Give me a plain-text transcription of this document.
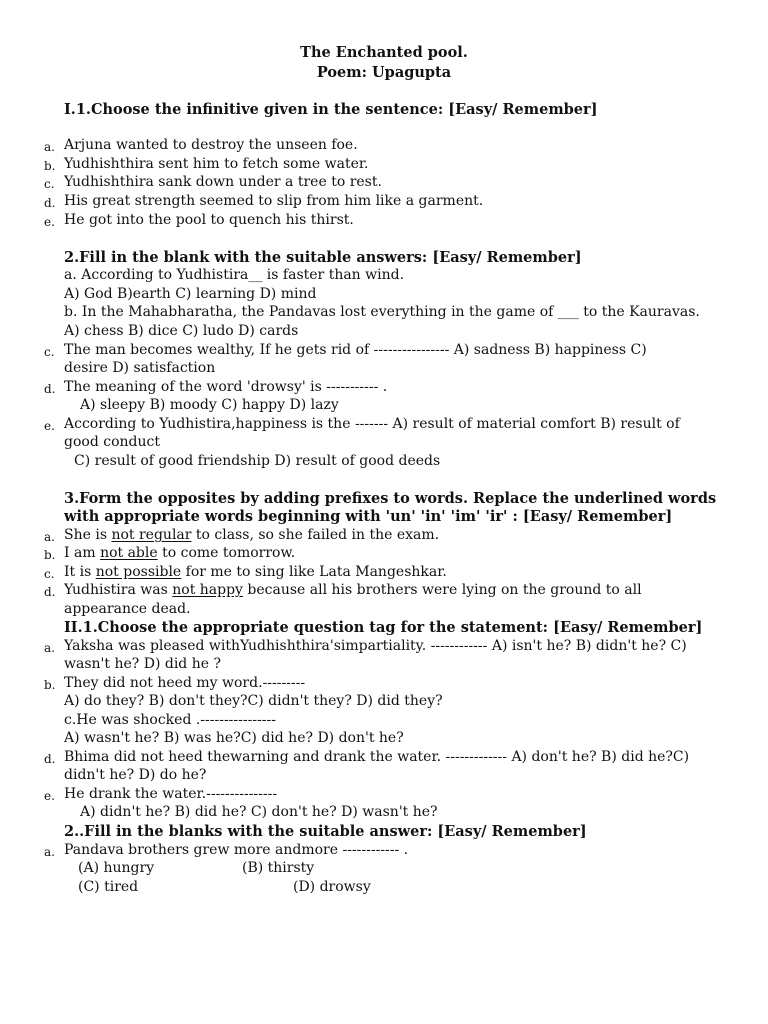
The Enchanted pool.
Poem: Upagupta
I.1.Choose the infinitive given in the sentence: [Easy/ Remember]
a. Arjuna wanted to destroy the unseen foe.
b. Yudhishthira sent him to fetch some water.
c. Yudhishthira sank down under a tree to rest.
d. His great strength seemed to slip from him like a garment.
e. He got into the pool to quench his thirst.
2.Fill in the blank with the suitable answers: [Easy/ Remember]
a. According to Yudhistira__ is faster than wind.
A) God B)earth C) learning D) mind
b. In the Mahabharatha, the Pandavas lost everything in the game of ___ to the Kauravas.
A) chess B) dice C) ludo D) cards
c. The man becomes wealthy, If he gets rid of ---------------- A) sadness B) happiness C)
desire D) satisfaction
d. The meaning of the word 'drowsy' is ----------- .
A) sleepy B) moody C) happy D) lazy
e. According to Yudhistira,happiness is the ------- A) result of material comfort B) result of
good conduct
C) result of good friendship D) result of good deeds
3.Form the opposites by adding prefixes to words. Replace the underlined words
with appropriate words beginning with 'un' 'in' 'im' 'ir' : [Easy/ Remember]
a. She is not regular to class, so she failed in the exam.
b. I am not able to come tomorrow.
c. It is not possible for me to sing like Lata Mangeshkar.
d. Yudhistira was not happy because all his brothers were lying on the ground to all
appearance dead.
II.1.Choose the appropriate question tag for the statement: [Easy/ Remember]
a. Yaksha was pleased withYudhishthira'simpartiality. ------------ A) isn't he? B) didn't he? C)
wasn't he? D) did he ?
b. They did not heed my word.---------
A) do they? B) don't they?C) didn't they? D) did they?
c.He was shocked .----------------
A) wasn't he? B) was he?C) did he? D) don't he?
d. Bhima did not heed thewarning and drank the water. ------------- A) don't he? B) did he?C)
didn't he? D) do he?
e. He drank the water.---------------
A) didn't he? B) did he? C) don't he? D) wasn't he?
2..Fill in the blanks with the suitable answer: [Easy/ Remember]
a. Pandava brothers grew more andmore ------------ .
(A) hungry	(B) thirsty
(C) tired	(D) drowsy
